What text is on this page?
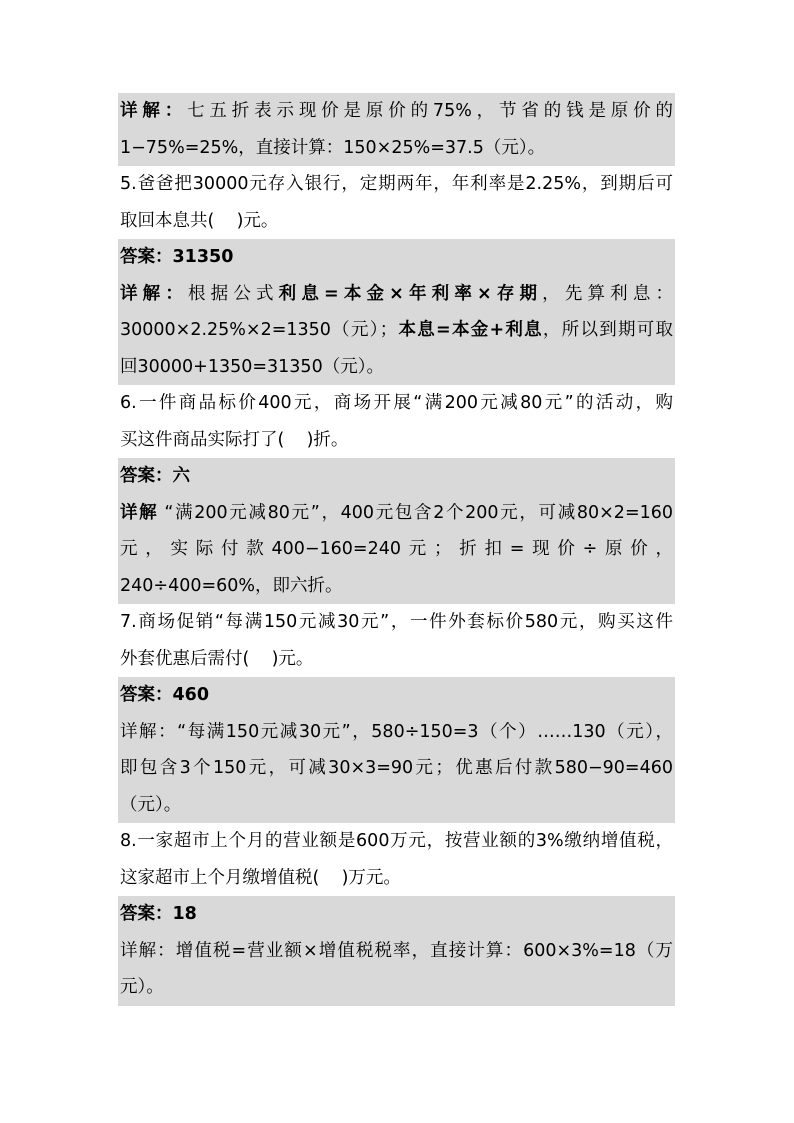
详解：七五折表示现价是原价的75%，节省的钱是原价的
1−75%=25%，直接计算：150×25%=37.5（元）。
5.爸爸把30000元存入银行，定期两年，年利率是2.25%，到期后可
取回本息共(    )元。
答案：31350
详解：根据公式利息=本金×年利率×存期，先算利息：
30000×2.25%×2=1350（元）；本息=本金+利息，所以到期可取
回30000+1350=31350（元）。
6.一件商品标价400元，商场开展“满200元减80元”的活动，购
买这件商品实际打了(    )折。
答案：六
详解 “满200元减80元”，400元包含2个200元，可减80×2=160
元，实际付款400−160=240元；折扣=现价÷原价，
240÷400=60%，即六折。
7.商场促销“每满150元减30元”，一件外套标价580元，购买这件
外套优惠后需付(    )元。
答案：460
详解：“每满150元减30元”，580÷150=3（个）……130（元），
即包含3个150元，可减30×3=90元；优惠后付款580−90=460
（元）。
8.一家超市上个月的营业额是600万元，按营业额的3%缴纳增值税，
这家超市上个月缴增值税(    )万元。
答案：18
详解：增值税=营业额×增值税税率，直接计算：600×3%=18（万
元）。
